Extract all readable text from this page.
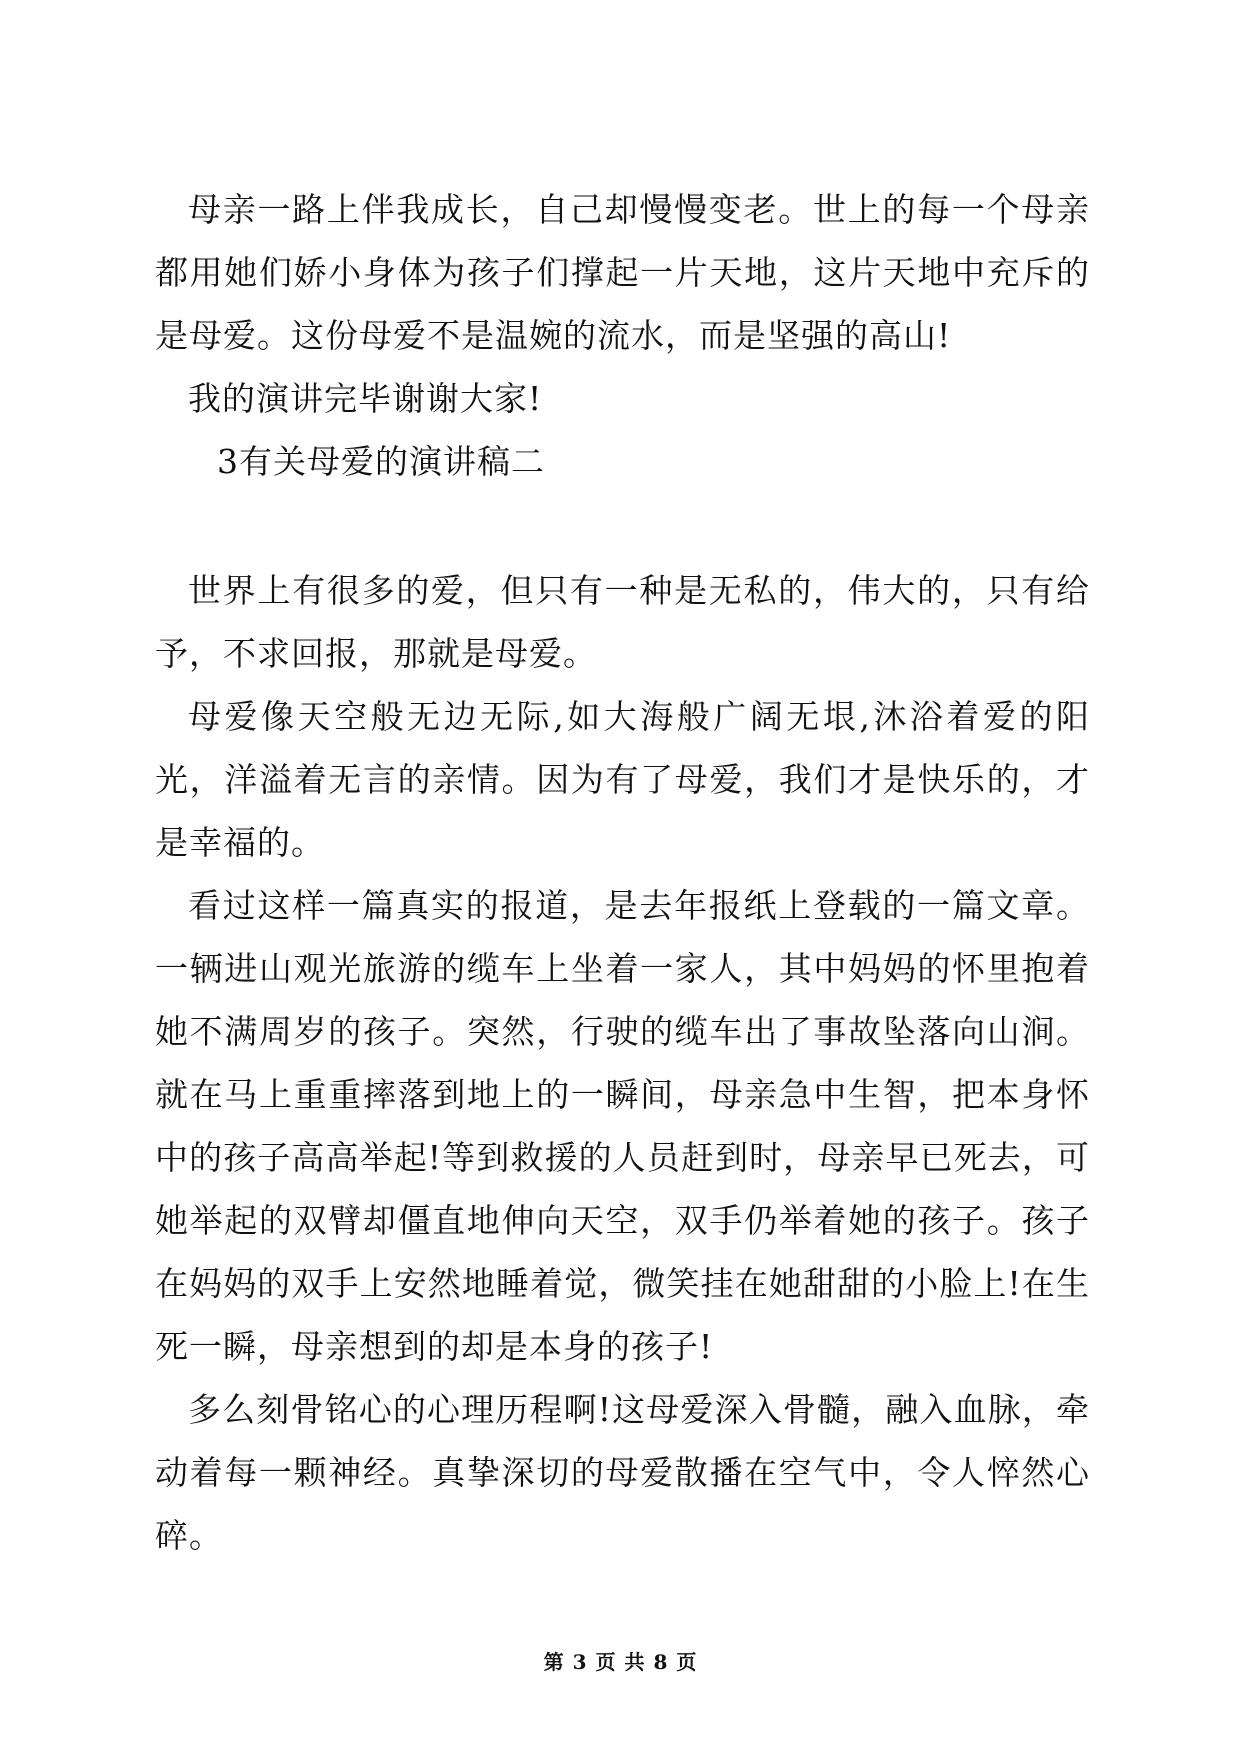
母亲一路上伴我成长，自己却慢慢变老。世上的每一个母亲都用她们娇小身体为孩子们撑起一片天地，这片天地中充斥的是母爱。这份母爱不是温婉的流水，而是坚强的高山!

我的演讲完毕谢谢大家!

3有关母爱的演讲稿二

世界上有很多的爱，但只有一种是无私的，伟大的，只有给予，不求回报，那就是母爱。

母爱像天空般无边无际,如大海般广阔无垠,沐浴着爱的阳光，洋溢着无言的亲情。因为有了母爱，我们才是快乐的，才是幸福的。

看过这样一篇真实的报道，是去年报纸上登载的一篇文章。一辆进山观光旅游的缆车上坐着一家人，其中妈妈的怀里抱着她不满周岁的孩子。突然，行驶的缆车出了事故坠落向山涧。就在马上重重摔落到地上的一瞬间，母亲急中生智，把本身怀中的孩子高高举起!等到救援的人员赶到时，母亲早已死去，可她举起的双臂却僵直地伸向天空，双手仍举着她的孩子。孩子在妈妈的双手上安然地睡着觉，微笑挂在她甜甜的小脸上!在生死一瞬，母亲想到的却是本身的孩子!

多么刻骨铭心的心理历程啊!这母爱深入骨髓，融入血脉，牵动着每一颗神经。真挚深切的母爱散播在空气中，令人悴然心碎。

第 3 页 共 8 页
